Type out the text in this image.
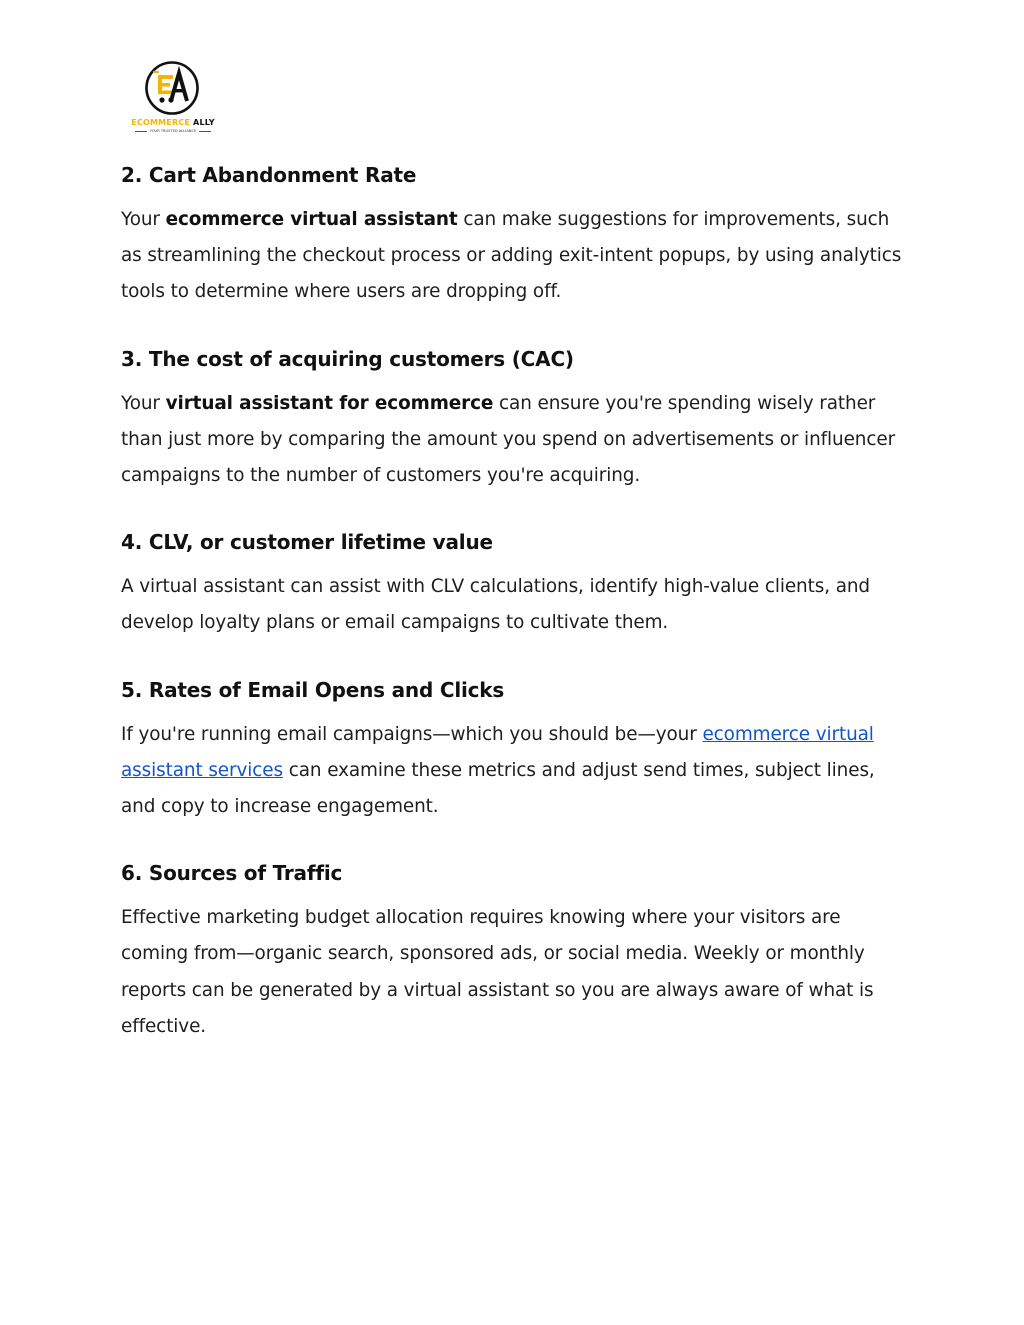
ECOMMERCE ALLY
YOUR TRUSTED ALLIANCE
2. Cart Abandonment Rate

Your ecommerce virtual assistant can make suggestions for improvements, such as streamlining the checkout process or adding exit-intent popups, by using analytics tools to determine where users are dropping off.

3. The cost of acquiring customers (CAC)

Your virtual assistant for ecommerce can ensure you're spending wisely rather than just more by comparing the amount you spend on advertisements or influencer campaigns to the number of customers you're acquiring.

4. CLV, or customer lifetime value

A virtual assistant can assist with CLV calculations, identify high-value clients, and develop loyalty plans or email campaigns to cultivate them.

5. Rates of Email Opens and Clicks

If you're running email campaigns—which you should be—your ecommerce virtual assistant services can examine these metrics and adjust send times, subject lines, and copy to increase engagement.

6. Sources of Traffic

Effective marketing budget allocation requires knowing where your visitors are coming from—organic search, sponsored ads, or social media. Weekly or monthly reports can be generated by a virtual assistant so you are always aware of what is effective.
